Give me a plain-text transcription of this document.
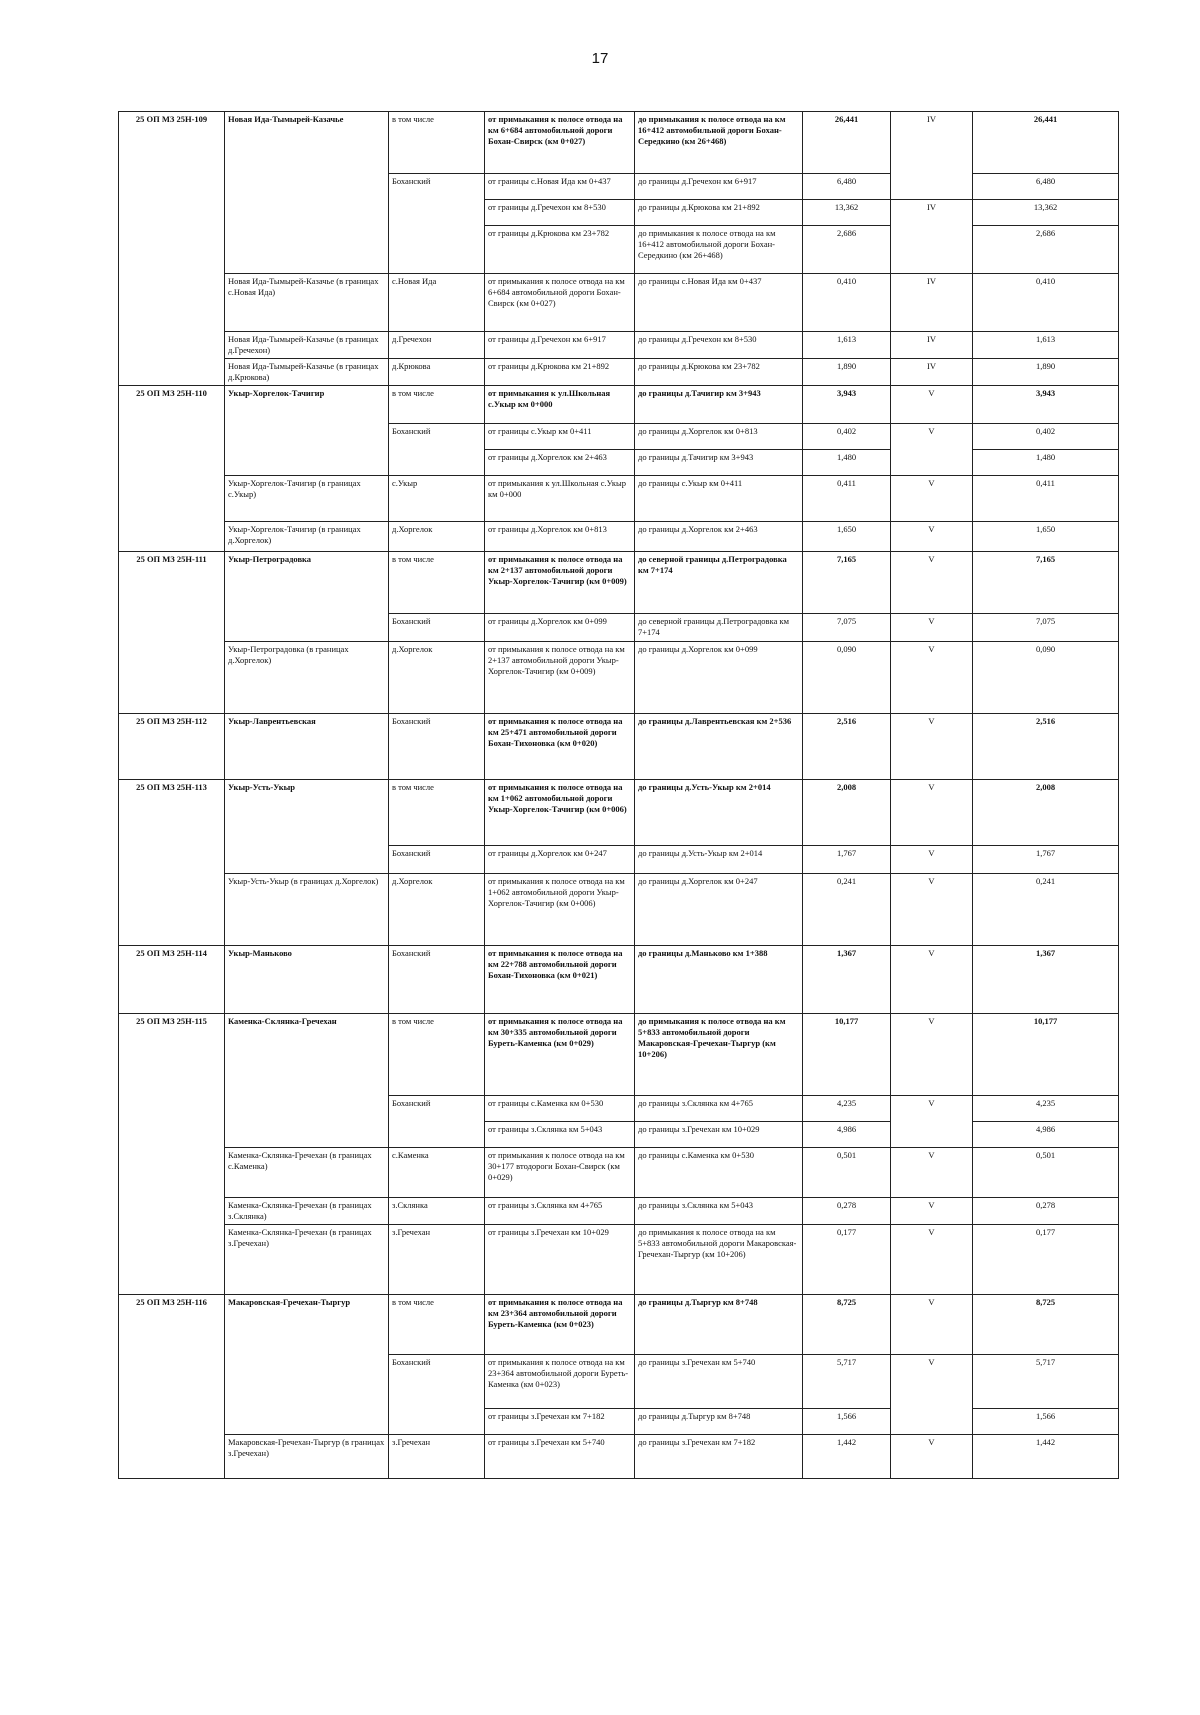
17
25 ОП МЗ 25Н-109	Новая Ида-Тымырей-Казачье	в том числе	от примыкания к полосе отвода на км 6+684 автомобильной дороги Бохан-Свирск (км 0+027)	до примыкания к полосе отвода на км 16+412 автомобильной дороги Бохан-Середкино (км 26+468)	26,441	IV	26,441
		Боханский	от границы с.Новая Ида км 0+437	до границы д.Гречехон км 6+917	6,480		6,480
			от границы д.Гречехон км 8+530	до границы д.Крюкова км 21+892	13,362	IV	13,362
			от границы д.Крюкова км 23+782	до примыкания к полосе отвода на км 16+412 автомобильной дороги Бохан-Середкино (км 26+468)	2,686		2,686
	Новая Ида-Тымырей-Казачье (в границах с.Новая Ида)	с.Новая Ида	от примыкания к полосе отвода на км 6+684 автомобильной дороги Бохан-Свирск (км 0+027)	до границы с.Новая Ида км 0+437	0,410	IV	0,410
	Новая Ида-Тымырей-Казачье (в границах д.Гречехон)	д.Гречехон	от границы д.Гречехон км 6+917	до границы д.Гречехон км 8+530	1,613	IV	1,613
	Новая Ида-Тымырей-Казачье (в границах д.Крюкова)	д.Крюкова	от границы д.Крюкова км 21+892	до границы д.Крюкова км 23+782	1,890	IV	1,890
25 ОП МЗ 25Н-110	Укыр-Хоргелок-Тачигир	в том числе	от примыкания к ул.Школьная с.Укыр км 0+000	до границы д.Тачигир км 3+943	3,943	V	3,943
		Боханский	от границы с.Укыр км 0+411	до границы д.Хоргелок км 0+813	0,402	V	0,402
			от границы д.Хоргелок км 2+463	до границы д.Тачигир км 3+943	1,480		1,480
	Укыр-Хоргелок-Тачигир (в границах с.Укыр)	с.Укыр	от примыкания к ул.Школьная с.Укыр км 0+000	до границы с.Укыр км 0+411	0,411	V	0,411
	Укыр-Хоргелок-Тачигир (в границах д.Хоргелок)	д.Хоргелок	от границы д.Хоргелок км 0+813	до границы д.Хоргелок км 2+463	1,650	V	1,650
25 ОП МЗ 25Н-111	Укыр-Петроградовка	в том числе	от примыкания к полосе отвода на км 2+137 автомобильной дороги Укыр-Хоргелок-Тачигир (км 0+009)	до северной границы д.Петроградовка км 7+174	7,165	V	7,165
		Боханский	от границы д.Хоргелок км 0+099	до северной границы д.Петроградовка км 7+174	7,075	V	7,075
	Укыр-Петроградовка (в границах д.Хоргелок)	д.Хоргелок	от примыкания к полосе отвода на км 2+137 автомобильной дороги Укыр-Хоргелок-Тачигир (км 0+009)	до границы д.Хоргелок км 0+099	0,090	V	0,090
25 ОП МЗ 25Н-112	Укыр-Лаврентьевская	Боханский	от примыкания к полосе отвода на км 25+471 автомобильной дороги Бохан-Тихоновка (км 0+020)	до границы д.Лаврентьевская км 2+536	2,516	V	2,516
25 ОП МЗ 25Н-113	Укыр-Усть-Укыр	в том числе	от примыкания к полосе отвода на км 1+062 автомобильной дороги Укыр-Хоргелок-Тачигир (км 0+006)	до границы д.Усть-Укыр км 2+014	2,008	V	2,008
		Боханский	от границы д.Хоргелок км 0+247	до границы д.Усть-Укыр км 2+014	1,767	V	1,767
	Укыр-Усть-Укыр (в границах д.Хоргелок)	д.Хоргелок	от примыкания к полосе отвода на км 1+062 автомобильной дороги Укыр-Хоргелок-Тачигир (км 0+006)	до границы д.Хоргелок км 0+247	0,241	V	0,241
25 ОП МЗ 25Н-114	Укыр-Маньково	Боханский	от примыкания к полосе отвода на км 22+788 автомобильной дороги Бохан-Тихоновка (км 0+021)	до границы д.Маньково км 1+388	1,367	V	1,367
25 ОП МЗ 25Н-115	Каменка-Склянка-Гречехан	в том числе	от примыкания к полосе отвода на км 30+335 автомобильной дороги Буреть-Каменка (км 0+029)	до примыкания к полосе отвода на км 5+833 автомобильной дороги Макаровская-Гречехан-Тыргур (км 10+206)	10,177	V	10,177
		Боханский	от границы с.Каменка км 0+530	до границы з.Склянка км 4+765	4,235	V	4,235
			от границы з.Склянка км 5+043	до границы з.Гречехан км 10+029	4,986		4,986
	Каменка-Склянка-Гречехан (в границах с.Каменка)	с.Каменка	от примыкания к полосе отвода на км 30+177 втодороги Бохан-Свирск (км 0+029)	до границы с.Каменка км 0+530	0,501	V	0,501
	Каменка-Склянка-Гречехан (в границах з.Склянка)	з.Склянка	от границы з.Склянка км 4+765	до границы з.Склянка км 5+043	0,278	V	0,278
	Каменка-Склянка-Гречехан (в границах з.Гречехан)	з.Гречехан	от границы з.Гречехан км 10+029	до примыкания к полосе отвода на км 5+833 автомобильной дороги Макаровская-Гречехан-Тыргур (км 10+206)	0,177	V	0,177
25 ОП МЗ 25Н-116	Макаровская-Гречехан-Тыргур	в том числе	от примыкания к полосе отвода на км 23+364 автомобильной дороги Буреть-Каменка (км 0+023)	до границы д.Тыргур км 8+748	8,725	V	8,725
		Боханский	от примыкания к полосе отвода на км 23+364 автомобильной дороги Буреть-Каменка (км 0+023)	до границы з.Гречехан км 5+740	5,717	V	5,717
			от границы з.Гречехан км 7+182	до границы д.Тыргур км 8+748	1,566		1,566
	Макаровская-Гречехан-Тыргур (в границах з.Гречехан)	з.Гречехан	от границы з.Гречехан км 5+740	до границы з.Гречехан км 7+182	1,442	V	1,442
